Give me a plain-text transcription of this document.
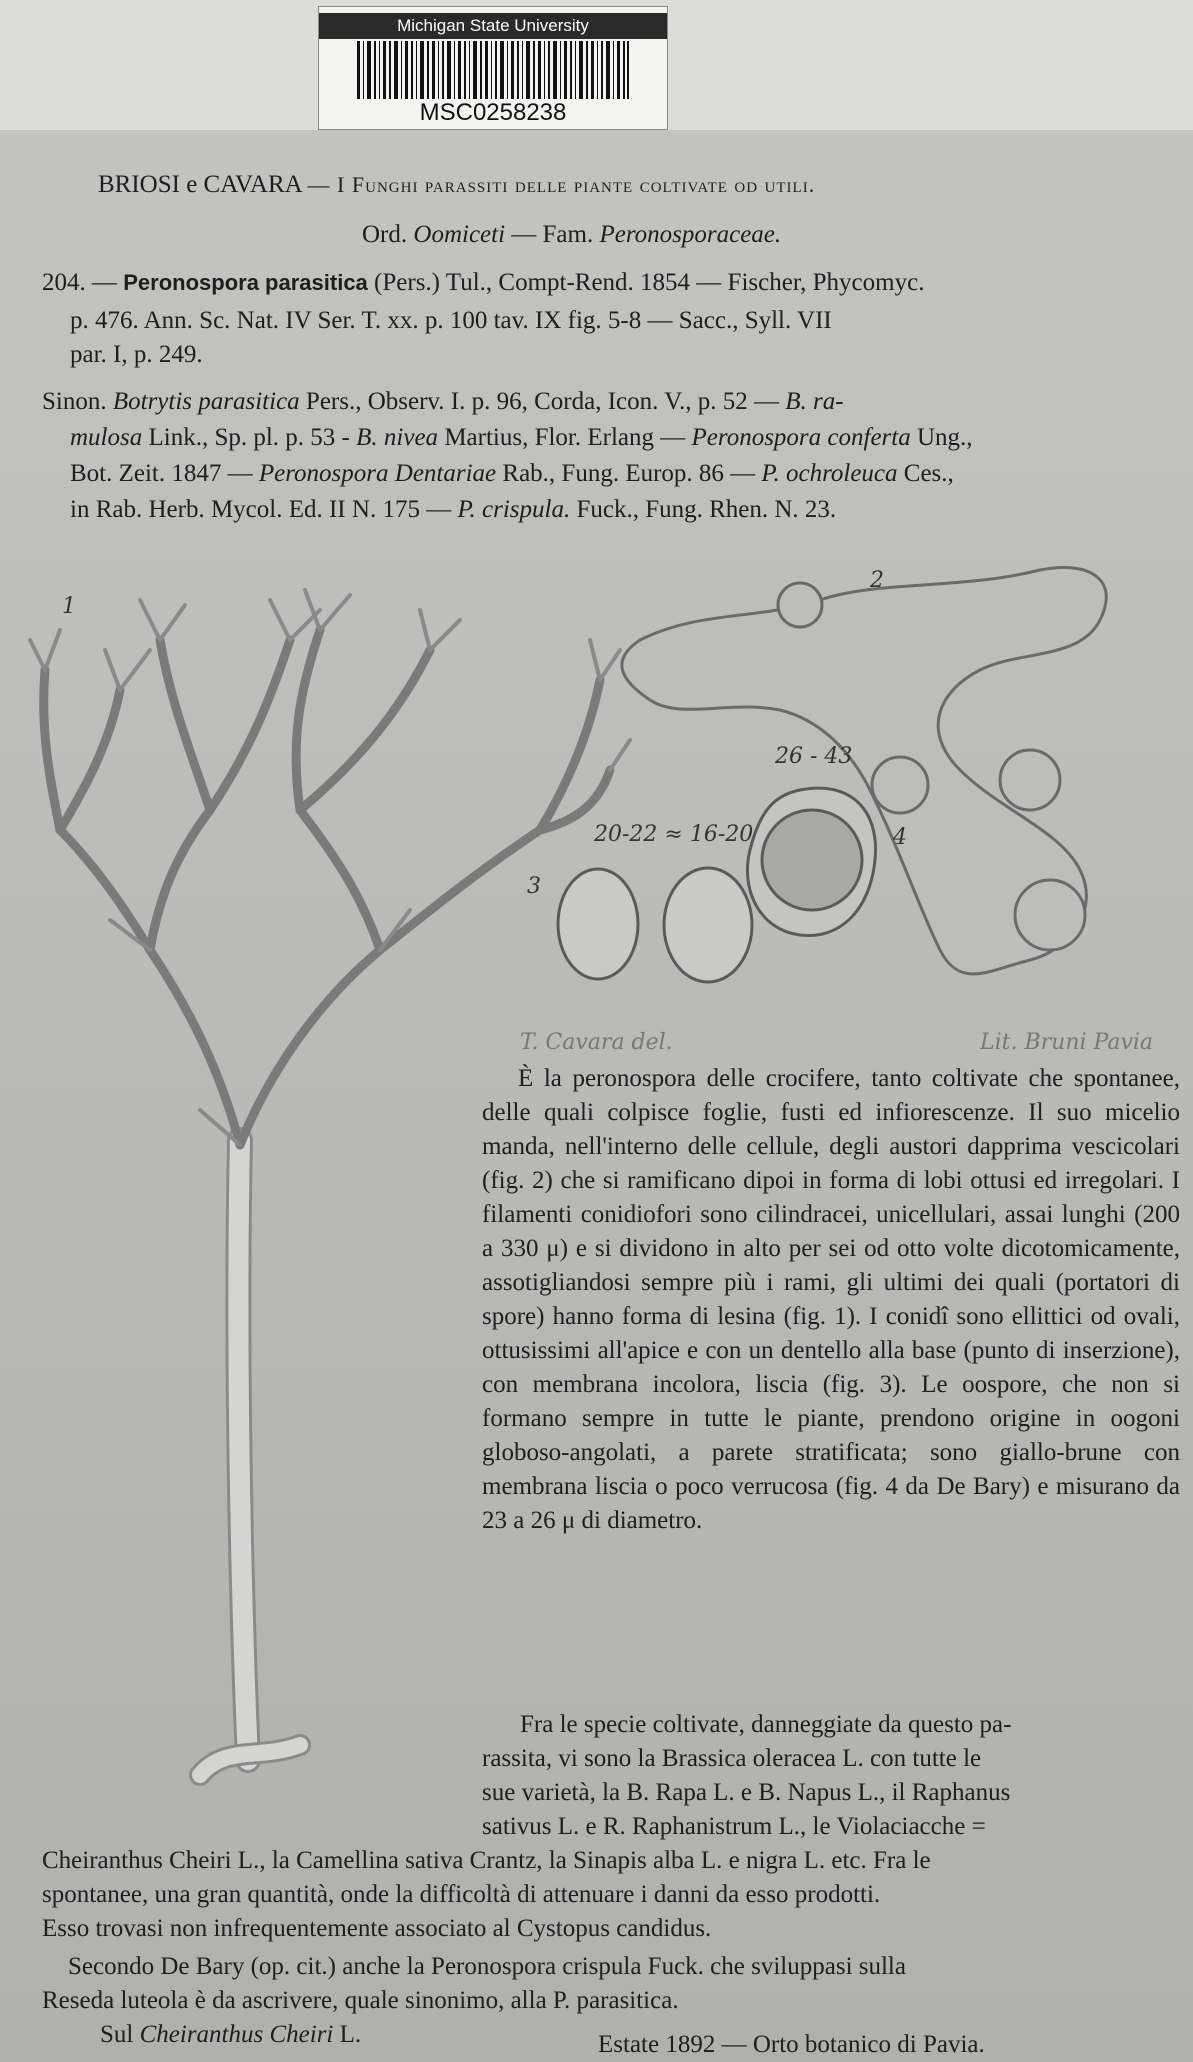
Michigan State University
MSC0258238
BRIOSI e CAVARA — I Funghi parassiti delle piante coltivate od utili.
Ord. Oomiceti — Fam. Peronosporaceae.
204. — Peronospora parasitica (Pers.) Tul., Compt-Rend. 1854 — Fischer, Phycomyc.
p. 476. Ann. Sc. Nat. IV Ser. T. xx. p. 100 tav. IX fig. 5-8 — Sacc., Syll. VII
par. I, p. 249.
Sinon. Botrytis parasitica Pers., Observ. I. p. 96, Corda, Icon. V., p. 52 — B. ra-
mulosa Link., Sp. pl. p. 53 - B. nivea Martius, Flor. Erlang — Peronospora conferta Ung.,
Bot. Zeit. 1847 — Peronospora Dentariae Rab., Fung. Europ. 86 — P. ochroleuca Ces.,
in Rab. Herb. Mycol. Ed. II N. 175 — P. crispula. Fuck., Fung. Rhen. N. 23.
1
2
3
4
26 - 43
20-22 ≈ 16-20
T. Cavara del.	Lit. Bruni Pavia

È la peronospora delle crocifere, tanto coltivate che spontanee, delle quali colpisce foglie, fusti ed infiorescenze. Il suo micelio manda, nell'interno delle cellule, degli austori dapprima vescicolari (fig. 2) che si ramificano dipoi in forma di lobi ottusi ed irregolari. I filamenti conidiofori sono cilindracei, unicellulari, assai lunghi (200 a 330 μ) e si dividono in alto per sei od otto volte dicotomicamente, assotigliandosi sempre più i rami, gli ultimi dei quali (portatori di spore) hanno forma di lesina (fig. 1). I conidî sono ellittici od ovali, ottusissimi all'apice e con un dentello alla base (punto di inserzione), con membrana incolora, liscia (fig. 3). Le oospore, che non si formano sempre in tutte le piante, prendono origine in oogoni globoso-angolati, a parete stratificata; sono giallo-brune con membrana liscia o poco verrucosa (fig. 4 da De Bary) e misurano da 23 a 26 μ di diametro.

Fra le specie coltivate, danneggiate da questo pa-
rassita, vi sono la Brassica oleracea L. con tutte le
sue varietà, la B. Rapa L. e B. Napus L., il Raphanus
sativus L. e R. Raphanistrum L., le Violaciacche =
Cheiranthus Cheiri L., la Camellina sativa Crantz, la Sinapis alba L. e nigra L. etc. Fra le
spontanee, una gran quantità, onde la difficoltà di attenuare i danni da esso prodotti.
Esso trovasi non infrequentemente associato al Cystopus candidus.
Secondo De Bary (op. cit.) anche la Peronospora crispula Fuck. che sviluppasi sulla
Reseda luteola è da ascrivere, quale sinonimo, alla P. parasitica.
Sul Cheiranthus Cheiri L.	Estate 1892 — Orto botanico di Pavia.
